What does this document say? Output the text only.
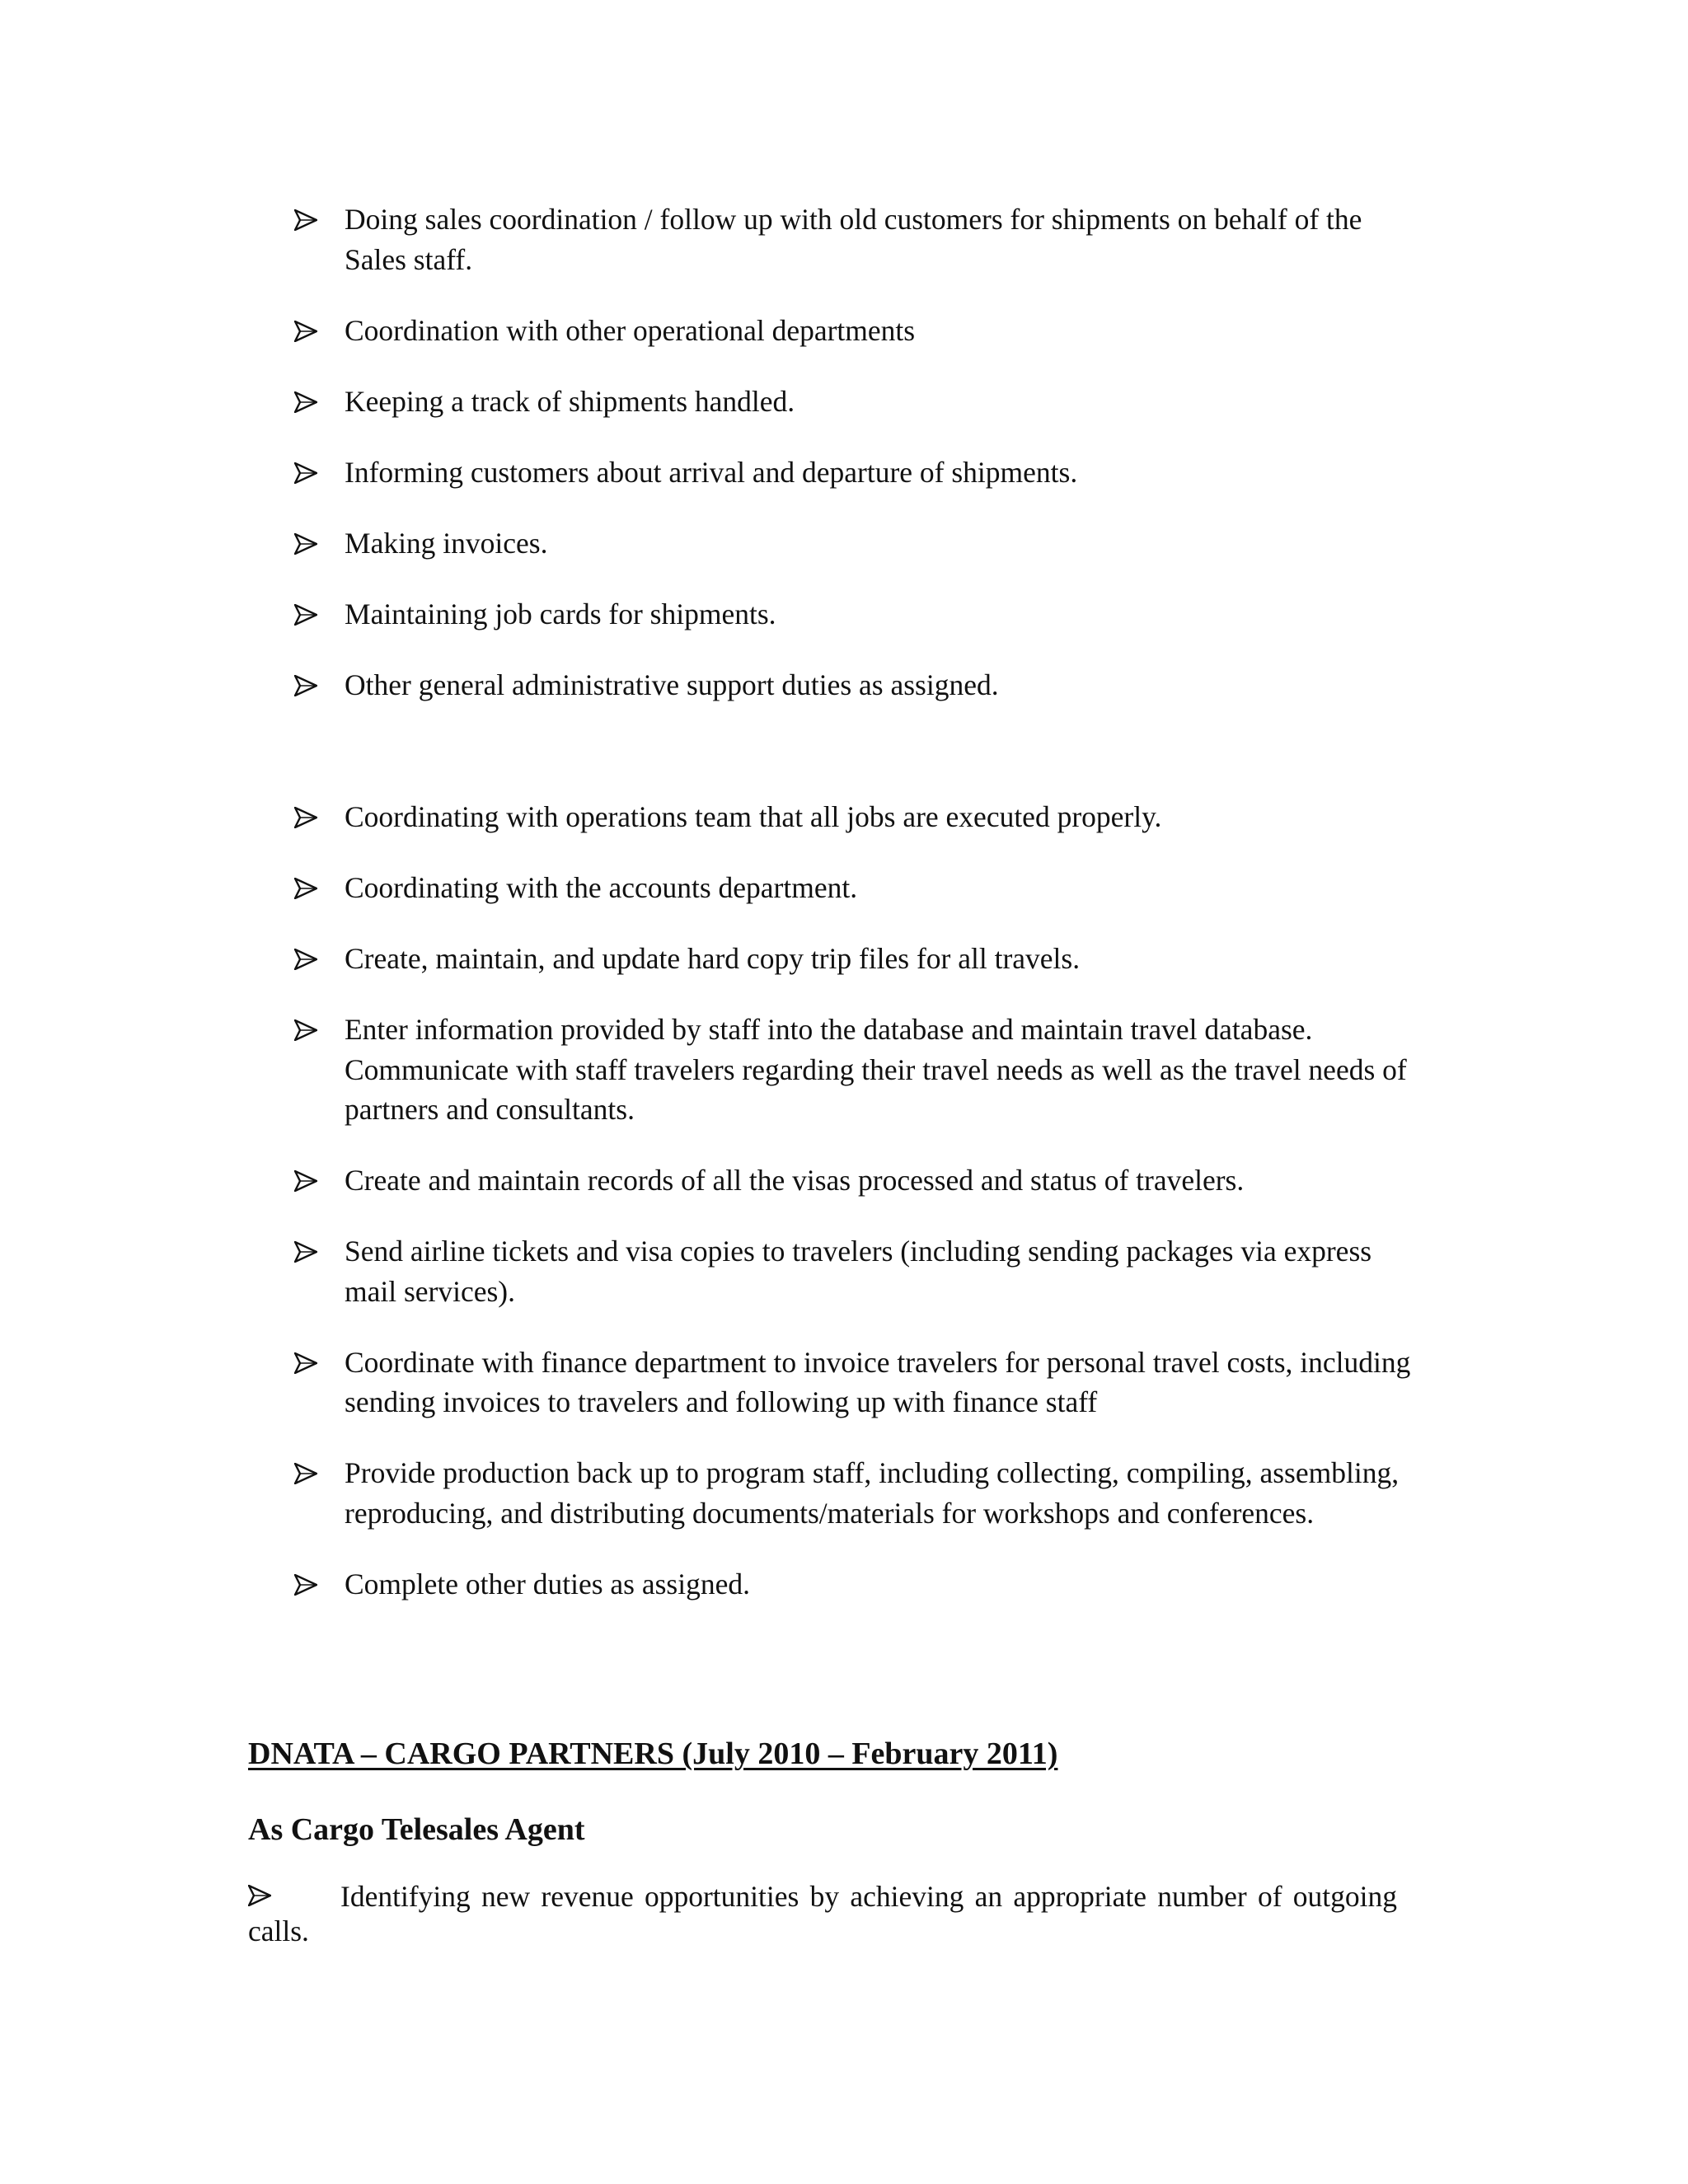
Doing sales coordination / follow up with old customers for shipments on behalf of the Sales staff.
Coordination with other operational departments
Keeping a track of shipments handled.
Informing customers about arrival and departure of shipments.
Making invoices.
Maintaining job cards for shipments.
Other general administrative support duties as assigned.
Coordinating with operations team that all jobs are executed properly.
Coordinating with the accounts department.
Create, maintain, and update hard copy trip files for all travels.
Enter information provided by staff into the database and maintain travel database. Communicate with staff travelers regarding their travel needs as well as the travel needs of partners and consultants.
Create and maintain records of all the visas processed and status of travelers.
Send airline tickets and visa copies to travelers (including sending packages via express mail services).
Coordinate with finance department to invoice travelers for personal travel costs, including sending invoices to travelers and following up with finance staff
Provide production back up to program staff, including collecting, compiling, assembling, reproducing, and distributing documents/materials for workshops and conferences.
Complete other duties as assigned.
DNATA – CARGO PARTNERS (July 2010 – February 2011)
As Cargo Telesales Agent

Identifying new revenue opportunities by achieving an appropriate number of outgoing calls.
